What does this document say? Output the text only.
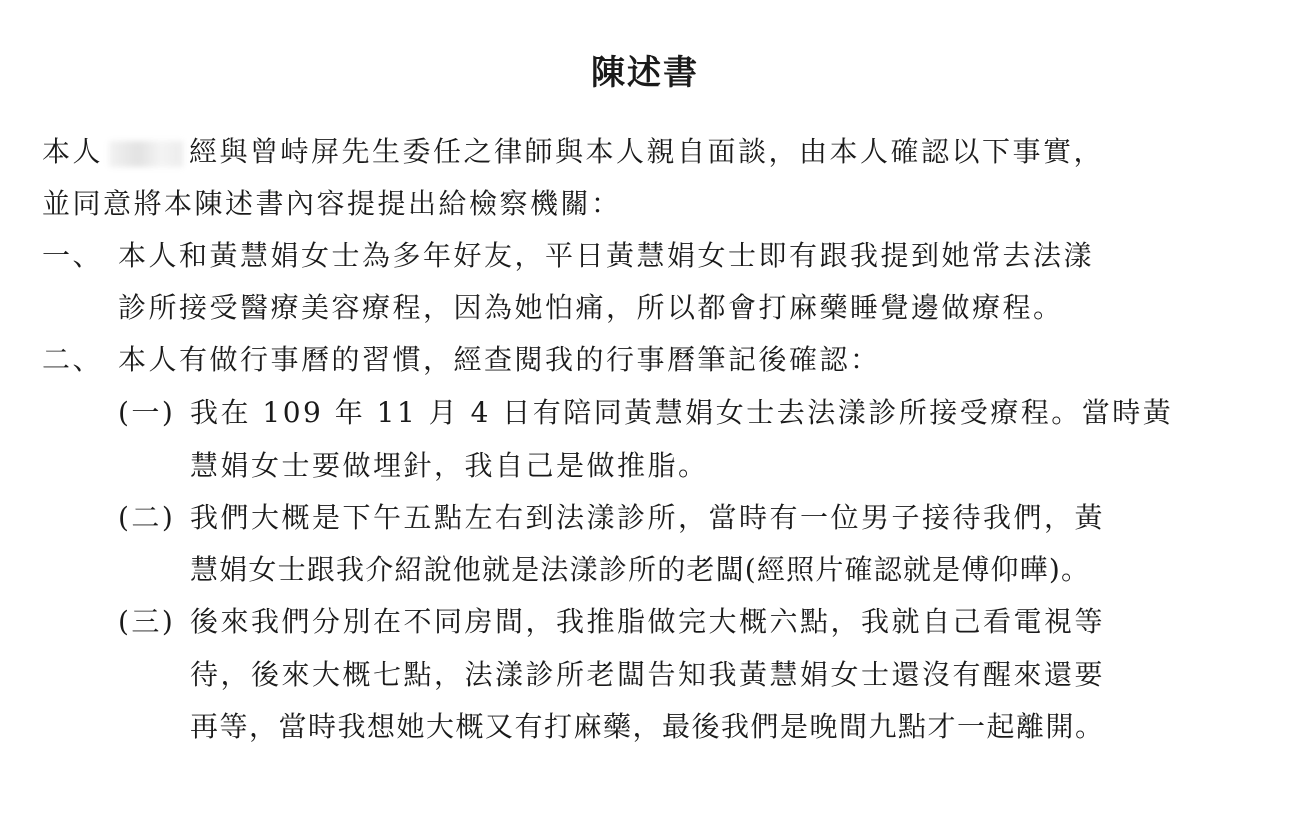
陳述書
本人	經與曾峙屏先生委任之律師與本人親自面談，由本人確認以下事實，
並同意將本陳述書內容提提出給檢察機關：
一、 本人和黃慧娟女士為多年好友，平日黃慧娟女士即有跟我提到她常去法漾
診所接受醫療美容療程，因為她怕痛，所以都會打麻藥睡覺邊做療程。
二、 本人有做行事曆的習慣，經查閱我的行事曆筆記後確認：
(一) 我在 109 年 11 月 4 日有陪同黃慧娟女士去法漾診所接受療程。當時黃
慧娟女士要做埋針，我自己是做推脂。
(二) 我們大概是下午五點左右到法漾診所，當時有一位男子接待我們，黃
慧娟女士跟我介紹說他就是法漾診所的老闆(經照片確認就是傅仰曄)。
(三) 後來我們分別在不同房間，我推脂做完大概六點，我就自己看電視等
待，後來大概七點，法漾診所老闆告知我黃慧娟女士還沒有醒來還要
再等，當時我想她大概又有打麻藥，最後我們是晚間九點才一起離開。
